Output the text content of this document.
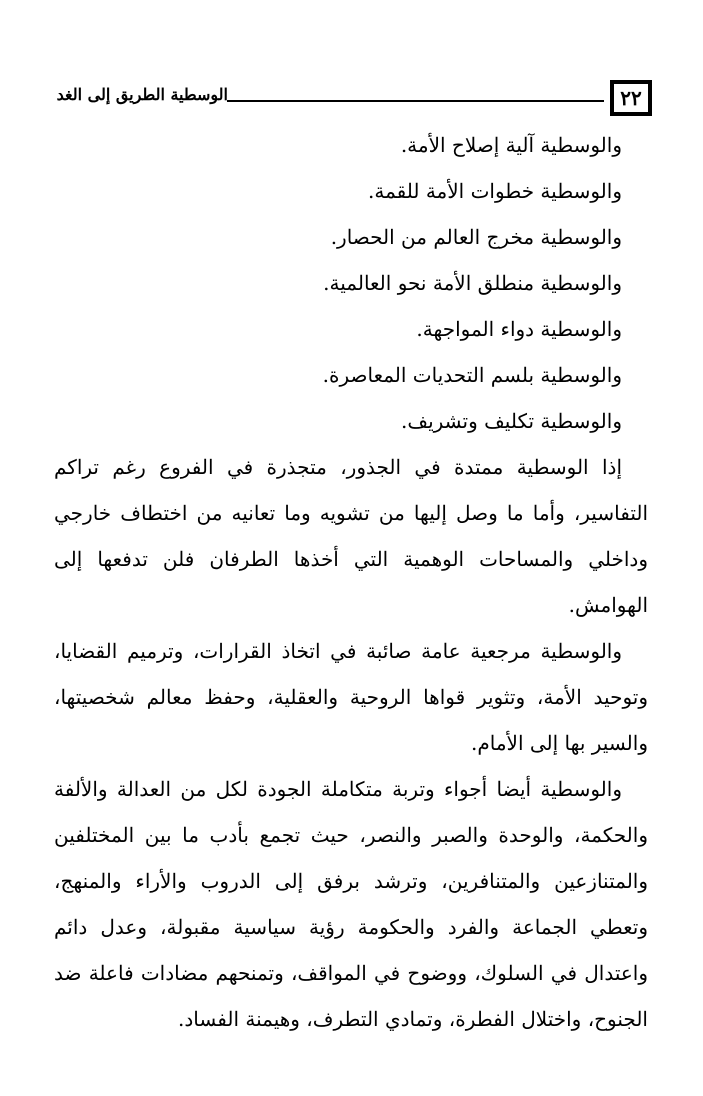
٢٢
الوسطية الطريق إلى الغد
والوسطية آلية إصلاح الأمة.
والوسطية خطوات الأمة للقمة.
والوسطية مخرج العالم من الحصار.
والوسطية منطلق الأمة نحو العالمية.
والوسطية دواء المواجهة.
والوسطية بلسم التحديات المعاصرة.
والوسطية تكليف وتشريف.

إذا الوسطية ممتدة في الجذور، متجذرة في الفروع رغم تراكم التفاسير، وأما ما وصل إليها من تشويه وما تعانيه من اختطاف خارجي وداخلي والمساحات الوهمية التي أخذها الطرفان فلن تدفعها إلى الهوامش.

والوسطية مرجعية عامة صائبة في اتخاذ القرارات، وترميم القضايا، وتوحيد الأمة، وتثوير قواها الروحية والعقلية، وحفظ معالم شخصيتها، والسير بها إلى الأمام.

والوسطية أيضا أجواء وتربة متكاملة الجودة لكل من العدالة والألفة والحكمة، والوحدة والصبر والنصر، حيث تجمع بأدب ما بين المختلفين والمتنازعين والمتنافرين، وترشد برفق إلى الدروب والأراء والمنهج، وتعطي الجماعة والفرد والحكومة رؤية سياسية مقبولة، وعدل دائم واعتدال في السلوك، ووضوح في المواقف، وتمنحهم مضادات فاعلة ضد الجنوح، واختلال الفطرة، وتمادي التطرف، وهيمنة الفساد.
